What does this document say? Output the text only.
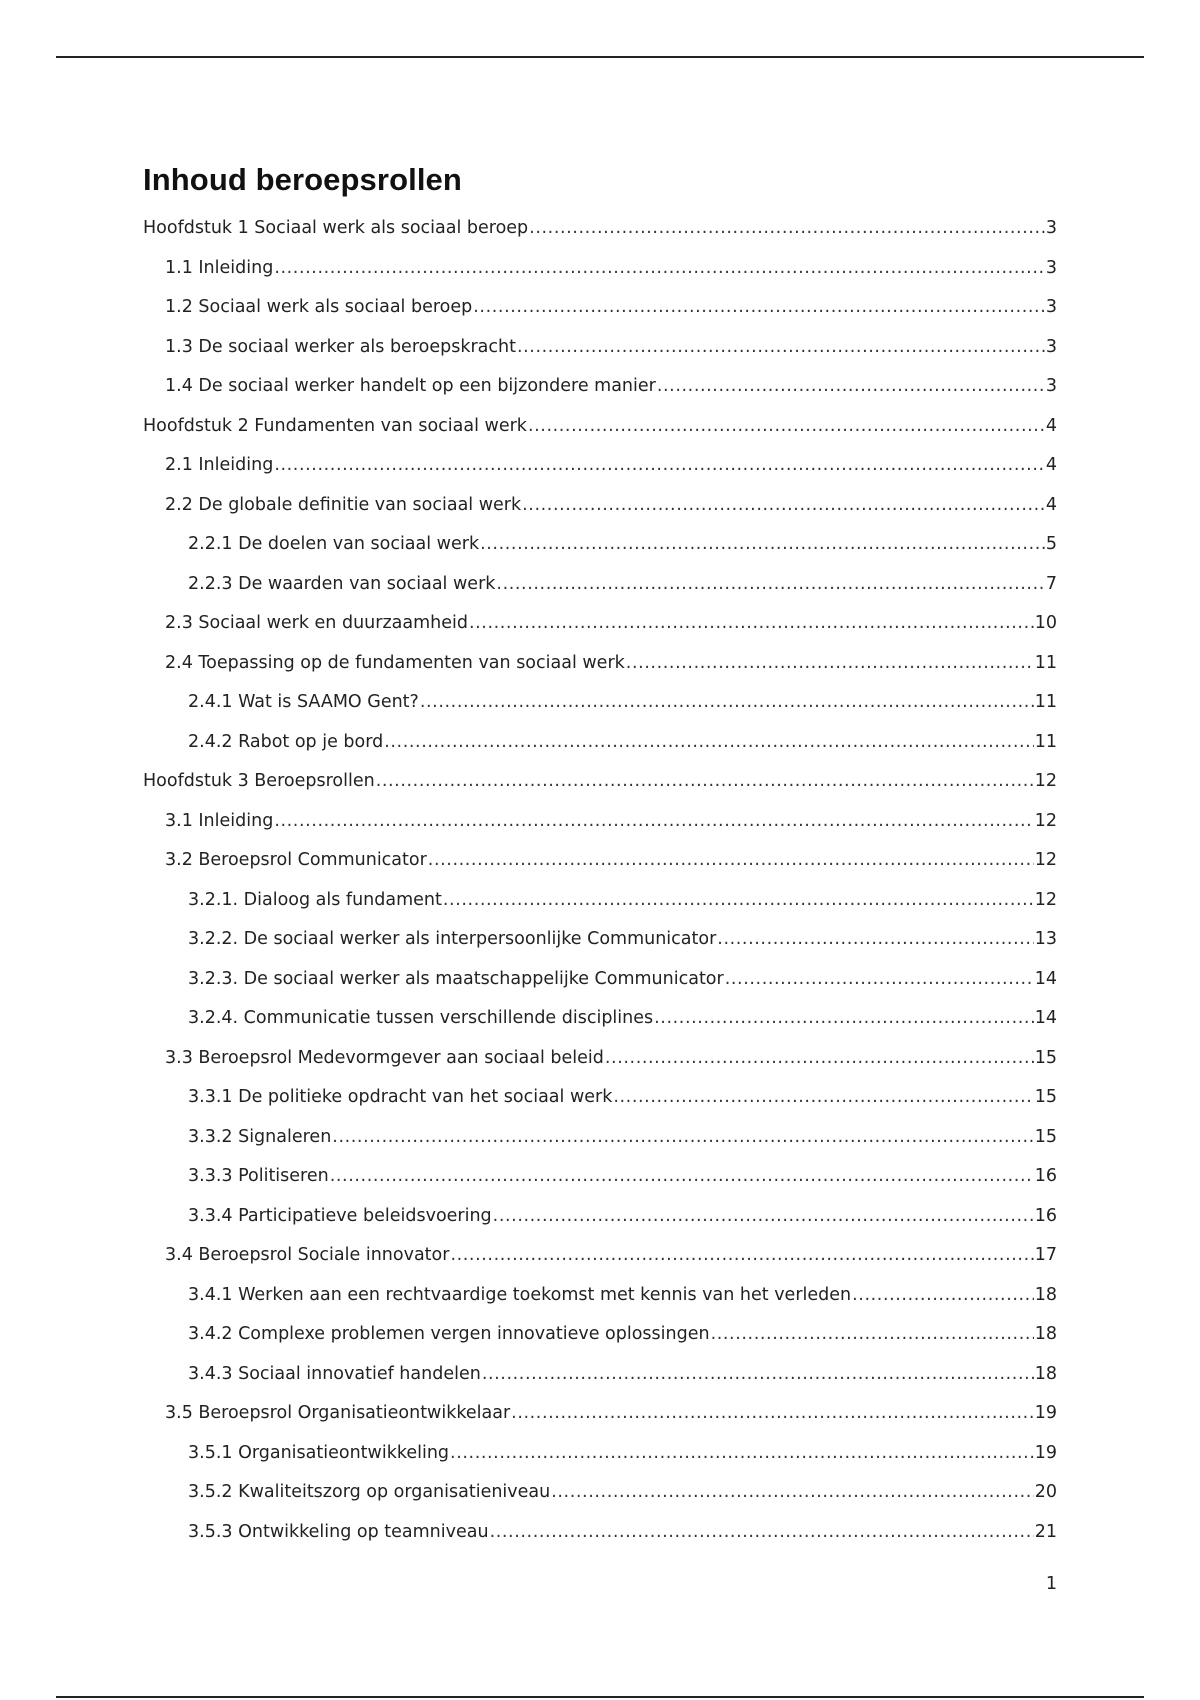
Inhoud beroepsrollen
Hoofdstuk 1 Sociaal werk als sociaal beroep .....	3
1.1 Inleiding .....	3
1.2 Sociaal werk als sociaal beroep .....	3
1.3 De sociaal werker als beroepskracht .....	3
1.4 De sociaal werker handelt op een bijzondere manier .....	3
Hoofdstuk 2 Fundamenten van sociaal werk .....	4
2.1 Inleiding .....	4
2.2 De globale definitie van sociaal werk .....	4
2.2.1 De doelen van sociaal werk .....	5
2.2.3 De waarden van sociaal werk .....	7
2.3 Sociaal werk en duurzaamheid .....	10
2.4 Toepassing op de fundamenten van sociaal werk .....	11
2.4.1 Wat is SAAMO Gent? .....	11
2.4.2 Rabot op je bord .....	11
Hoofdstuk 3 Beroepsrollen .....	12
3.1 Inleiding .....	12
3.2 Beroepsrol Communicator .....	12
3.2.1. Dialoog als fundament .....	12
3.2.2. De sociaal werker als interpersoonlijke Communicator .....	13
3.2.3. De sociaal werker als maatschappelijke Communicator .....	14
3.2.4. Communicatie tussen verschillende disciplines .....	14
3.3 Beroepsrol Medevormgever aan sociaal beleid .....	15
3.3.1 De politieke opdracht van het sociaal werk .....	15
3.3.2 Signaleren .....	15
3.3.3 Politiseren .....	16
3.3.4 Participatieve beleidsvoering .....	16
3.4 Beroepsrol Sociale innovator .....	17
3.4.1 Werken aan een rechtvaardige toekomst met kennis van het verleden .....	18
3.4.2 Complexe problemen vergen innovatieve oplossingen .....	18
3.4.3 Sociaal innovatief handelen .....	18
3.5 Beroepsrol Organisatieontwikkelaar .....	19
3.5.1 Organisatieontwikkeling .....	19
3.5.2 Kwaliteitszorg op organisatieniveau .....	20
3.5.3 Ontwikkeling op teamniveau .....	21
1
